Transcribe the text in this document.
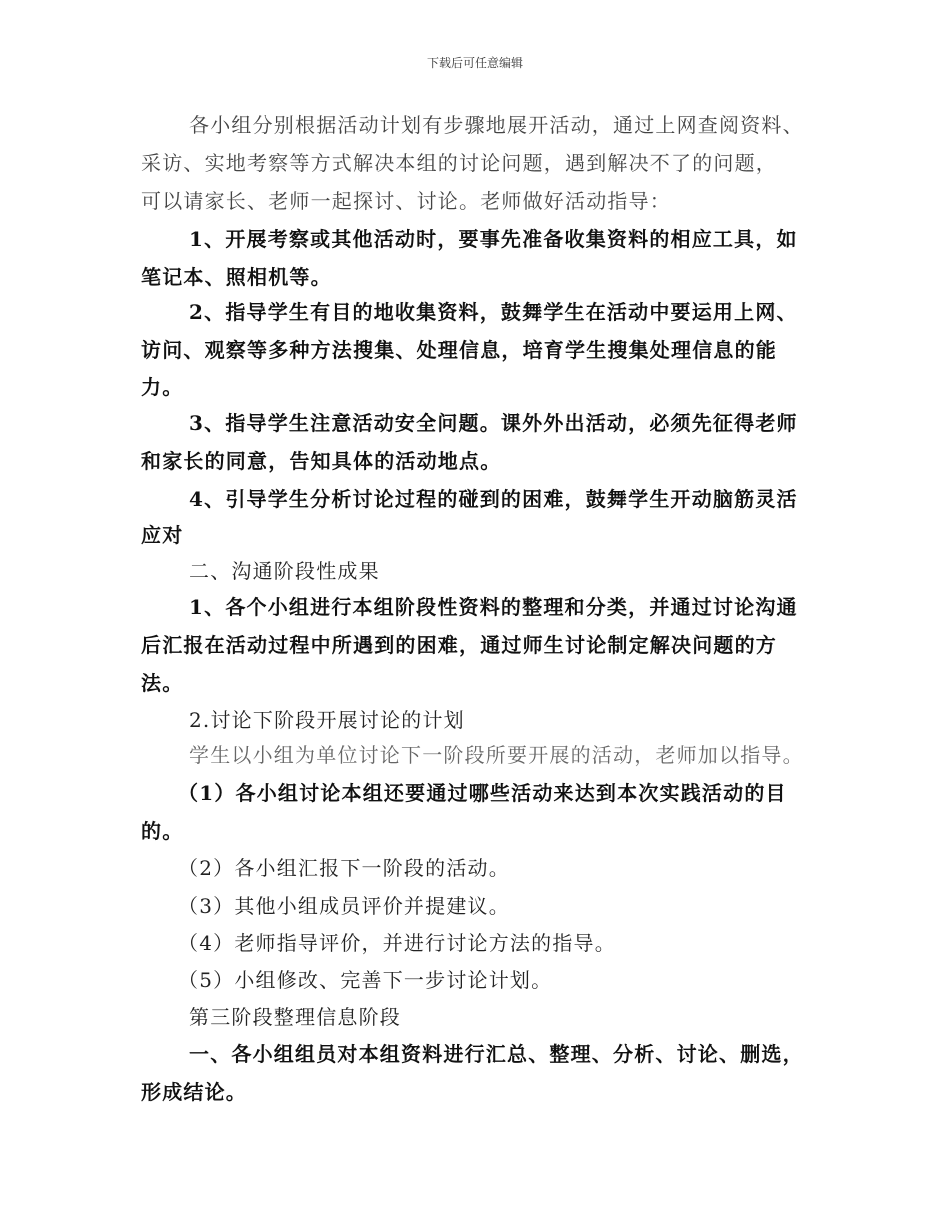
下载后可任意编辑
各小组分别根据活动计划有步骤地展开活动，通过上网查阅资料、
采访、实地考察等方式解决本组的讨论问题，遇到解决不了的问题，
可以请家长、老师一起探讨、讨论。老师做好活动指导：
1、开展考察或其他活动时，要事先准备收集资料的相应工具，如
笔记本、照相机等。
2、指导学生有目的地收集资料，鼓舞学生在活动中要运用上网、
访问、观察等多种方法搜集、处理信息，培育学生搜集处理信息的能
力。
3、指导学生注意活动安全问题。课外外出活动，必须先征得老师
和家长的同意，告知具体的活动地点。
4、引导学生分析讨论过程的碰到的困难，鼓舞学生开动脑筋灵活
应对
二、沟通阶段性成果
1、各个小组进行本组阶段性资料的整理和分类，并通过讨论沟通
后汇报在活动过程中所遇到的困难，通过师生讨论制定解决问题的方
法。
2.讨论下阶段开展讨论的计划
学生以小组为单位讨论下一阶段所要开展的活动，老师加以指导。
（1）各小组讨论本组还要通过哪些活动来达到本次实践活动的目
的。
（2）各小组汇报下一阶段的活动。
（3）其他小组成员评价并提建议。
（4）老师指导评价，并进行讨论方法的指导。
（5）小组修改、完善下一步讨论计划。
第三阶段整理信息阶段
一、各小组组员对本组资料进行汇总、整理、分析、讨论、删选，
形成结论。
